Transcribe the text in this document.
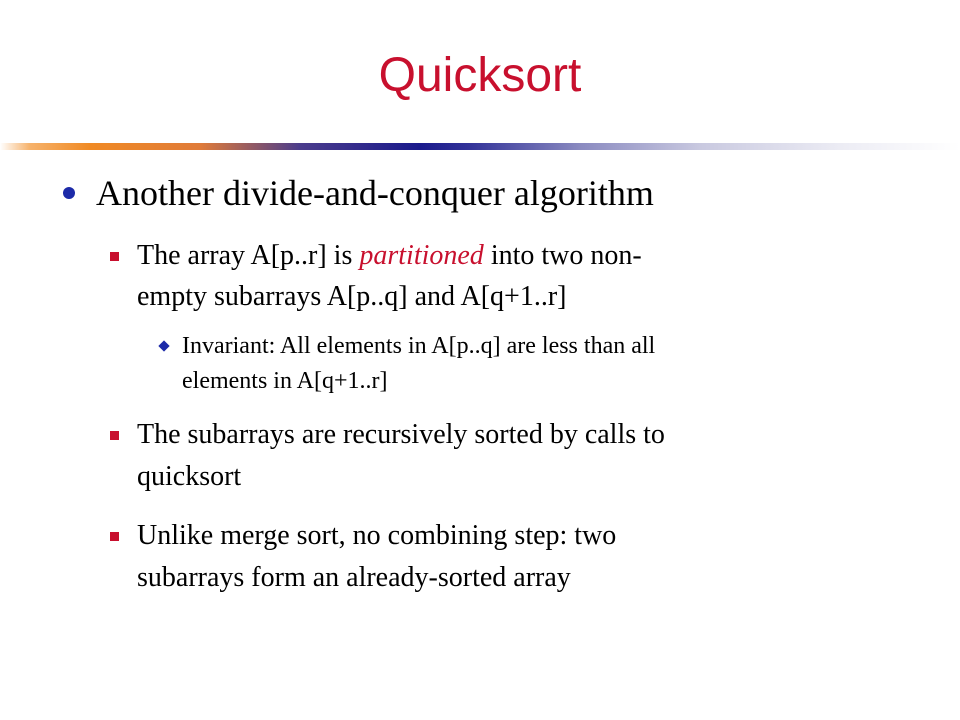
Quicksort
Another divide-and-conquer algorithm
The array A[p..r] is partitioned into two non-
empty subarrays A[p..q] and A[q+1..r]
Invariant: All elements in A[p..q] are less than all
elements in A[q+1..r]
The subarrays are recursively sorted by calls to
quicksort
Unlike merge sort, no combining step: two
subarrays form an already-sorted array
